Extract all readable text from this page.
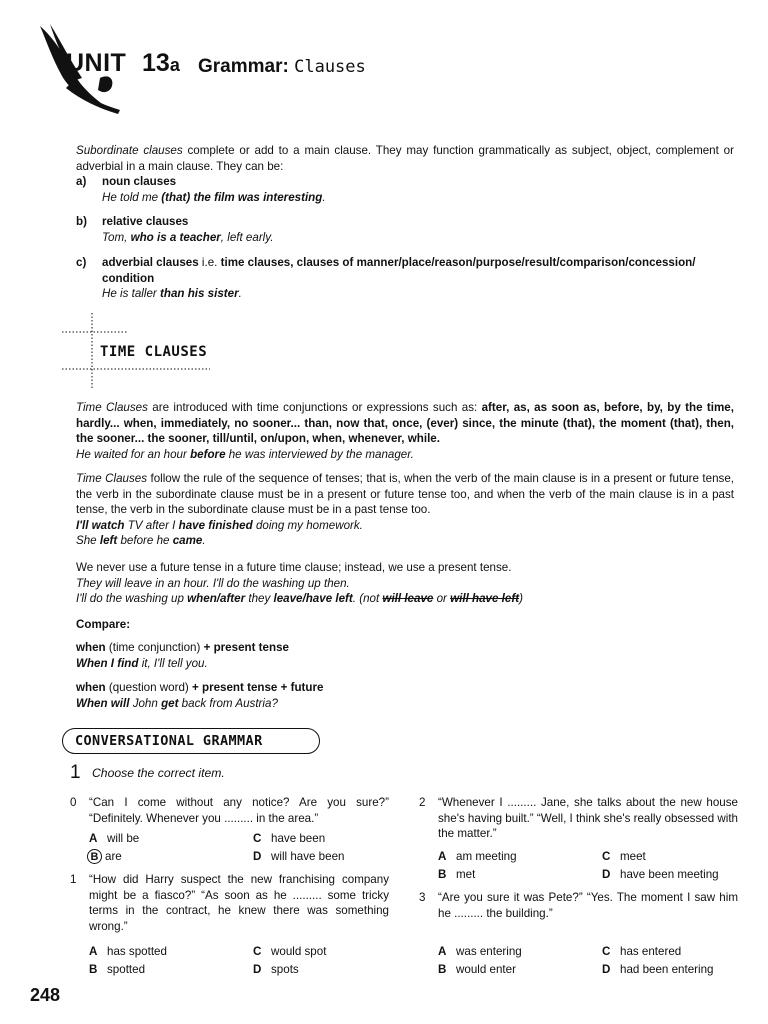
UNIT 13a Grammar: Clauses
Subordinate clauses complete or add to a main clause. They may function grammatically as subject, object, complement or adverbial in a main clause. They can be:
a)	noun clauses
He told me (that) the film was interesting.
b)	relative clauses
Tom, who is a teacher, left early.
c)	adverbial clauses i.e. time clauses, clauses of manner/place/reason/purpose/result/comparison/concession/ condition
He is taller than his sister.
TIME CLAUSES
Time Clauses are introduced with time conjunctions or expressions such as: after, as, as soon as, before, by, by the time, hardly... when, immediately, no sooner... than, now that, once, (ever) since, the minute (that), the moment (that), then, the sooner... the sooner, till/until, on/upon, when, whenever, while.
He waited for an hour before he was interviewed by the manager.
Time Clauses follow the rule of the sequence of tenses; that is, when the verb of the main clause is in a present or future tense, the verb in the subordinate clause must be in a present or future tense too, and when the verb of the main clause is in a past tense, the verb in the subordinate clause must be in a past tense too.
I'll watch TV after I have finished doing my homework.
She left before he came.
We never use a future tense in a future time clause; instead, we use a present tense.
They will leave in an hour. I'll do the washing up then.
I'll do the washing up when/after they leave/have left. (not will leave or will have left)
Compare:
when (time conjunction) + present tense
When I find it, I'll tell you.
when (question word) + present tense + future
When will John get back from Austria?
CONVERSATIONAL GRAMMAR
1 Choose the correct item.
0 “Can I come without any notice? Are you sure?” “Definitely. Whenever you ......... in the area.”
A will be	C have been
B are	D will have been
1 “How did Harry suspect the new franchising company might be a fiasco?” “As soon as he ......... some tricky terms in the contract, he knew there was something wrong.”
A has spotted	C would spot
B spotted	D spots
2 “Whenever I ......... Jane, she talks about the new house she's having built.” “Well, I think she's really obsessed with the matter.”
A am meeting	C meet
B met	D have been meeting
3 “Are you sure it was Pete?” “Yes. The moment I saw him he ......... the building.”
A was entering	C has entered
B would enter	D had been entering
248
